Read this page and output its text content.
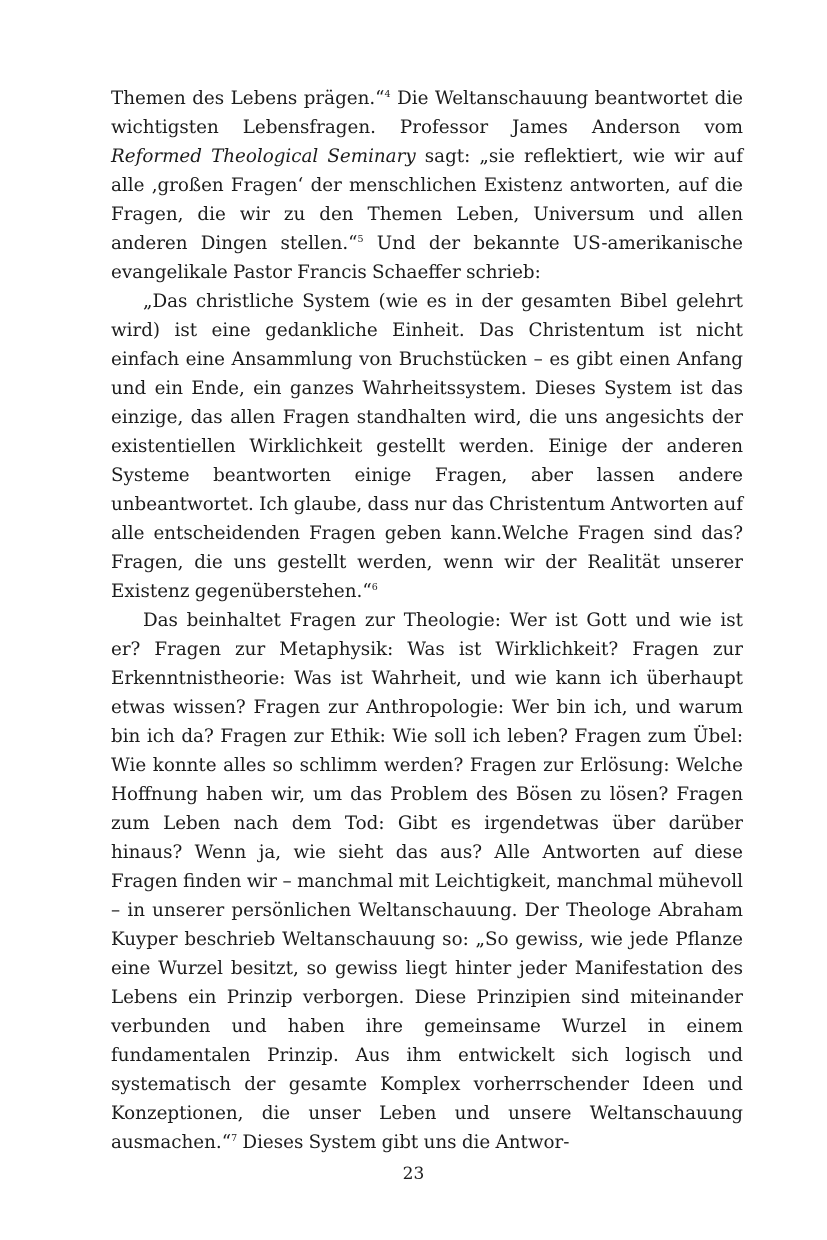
Themen des Lebens prägen.“$^4$ Die Weltanschauung beantwortet die wichtigsten Lebensfragen. Professor James Anderson vom Reformed Theological Seminary sagt: „sie reflektiert, wie wir auf alle ‚großen Fragen‘ der menschlichen Existenz antworten, auf die Fragen, die wir zu den Themen Leben, Universum und allen anderen Dingen stellen.“$^5$ Und der bekannte US-amerikanische evangelikale Pastor Francis Schaeffer schrieb:

„Das christliche System (wie es in der gesamten Bibel gelehrt wird) ist eine gedankliche Einheit. Das Christentum ist nicht einfach eine Ansammlung von Bruchstücken – es gibt einen Anfang und ein Ende, ein ganzes Wahrheitssystem. Dieses System ist das einzige, das allen Fragen standhalten wird, die uns angesichts der existentiellen Wirklichkeit gestellt werden. Einige der anderen Systeme beantworten einige Fragen, aber lassen andere unbeantwortet. Ich glaube, dass nur das Christentum Antworten auf alle entscheidenden Fragen geben kann.Welche Fragen sind das? Fragen, die uns gestellt werden, wenn wir der Realität unserer Existenz gegenüberstehen.“$^6$

Das beinhaltet Fragen zur Theologie: Wer ist Gott und wie ist er? Fragen zur Metaphysik: Was ist Wirklichkeit? Fragen zur Erkenntnistheorie: Was ist Wahrheit, und wie kann ich überhaupt etwas wissen? Fragen zur Anthropologie: Wer bin ich, und warum bin ich da? Fragen zur Ethik: Wie soll ich leben? Fragen zum Übel: Wie konnte alles so schlimm werden? Fragen zur Erlösung: Welche Hoffnung haben wir, um das Problem des Bösen zu lösen? Fragen zum Leben nach dem Tod: Gibt es irgendetwas über darüber hinaus? Wenn ja, wie sieht das aus? Alle Antworten auf diese Fragen finden wir – manchmal mit Leichtigkeit, manchmal mühevoll – in unserer persönlichen Weltanschauung. Der Theologe Abraham Kuyper beschrieb Weltanschauung so: „So gewiss, wie jede Pflanze eine Wurzel besitzt, so gewiss liegt hinter jeder Manifestation des Lebens ein Prinzip verborgen. Diese Prinzipien sind miteinander verbunden und haben ihre gemeinsame Wurzel in einem fundamentalen Prinzip. Aus ihm entwickelt sich logisch und systematisch der gesamte Komplex vorherrschender Ideen und Konzeptionen, die unser Leben und unsere Weltanschauung ausmachen.“$^7$ Dieses System gibt uns die Antwor-

23
